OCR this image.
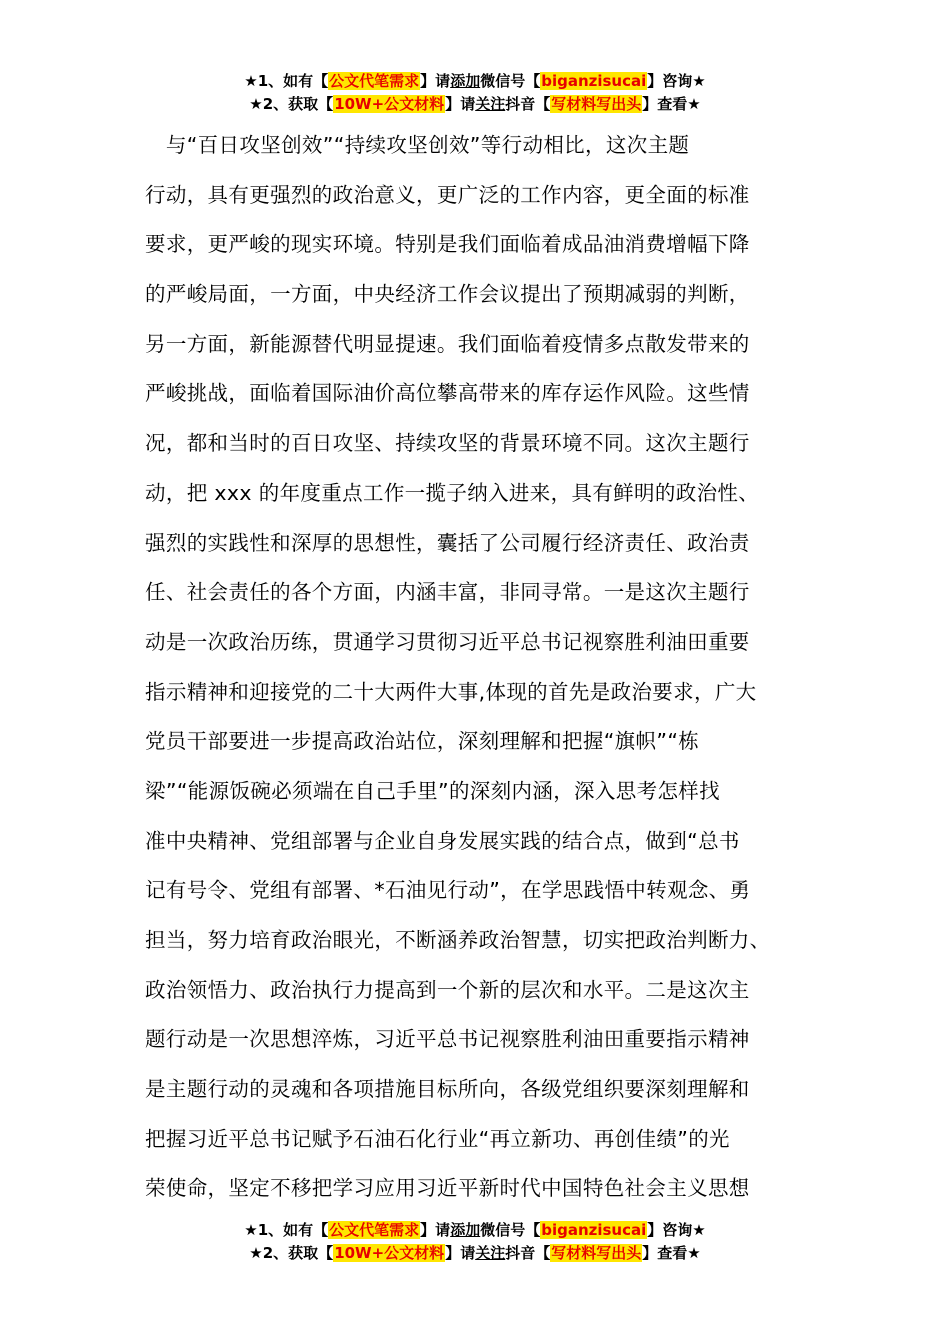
★1、如有【公文代笔需求】请添加微信号【biganzisucai】咨询★
★2、获取【10W+公文材料】请关注抖音【写材料写出头】查看★
　与“百日攻坚创效”“持续攻坚创效”等行动相比，这次主题
行动，具有更强烈的政治意义，更广泛的工作内容，更全面的标准
要求，更严峻的现实环境。特别是我们面临着成品油消费增幅下降
的严峻局面，一方面，中央经济工作会议提出了预期减弱的判断，
另一方面，新能源替代明显提速。我们面临着疫情多点散发带来的
严峻挑战，面临着国际油价高位攀高带来的库存运作风险。这些情
况，都和当时的百日攻坚、持续攻坚的背景环境不同。这次主题行
动，把 xxx 的年度重点工作一揽子纳入进来，具有鲜明的政治性、
强烈的实践性和深厚的思想性，囊括了公司履行经济责任、政治责
任、社会责任的各个方面，内涵丰富，非同寻常。一是这次主题行
动是一次政治历练，贯通学习贯彻习近平总书记视察胜利油田重要
指示精神和迎接党的二十大两件大事,体现的首先是政治要求，广大
党员干部要进一步提高政治站位，深刻理解和把握“旗帜”“栋
梁”“能源饭碗必须端在自己手里”的深刻内涵，深入思考怎样找
准中央精神、党组部署与企业自身发展实践的结合点，做到“总书
记有号令、党组有部署、*石油见行动”，在学思践悟中转观念、勇
担当，努力培育政治眼光，不断涵养政治智慧，切实把政治判断力、
政治领悟力、政治执行力提高到一个新的层次和水平。二是这次主
题行动是一次思想淬炼，习近平总书记视察胜利油田重要指示精神
是主题行动的灵魂和各项措施目标所向，各级党组织要深刻理解和
把握习近平总书记赋予石油石化行业“再立新功、再创佳绩”的光
荣使命，坚定不移把学习应用习近平新时代中国特色社会主义思想
★1、如有【公文代笔需求】请添加微信号【biganzisucai】咨询★
★2、获取【10W+公文材料】请关注抖音【写材料写出头】查看★
